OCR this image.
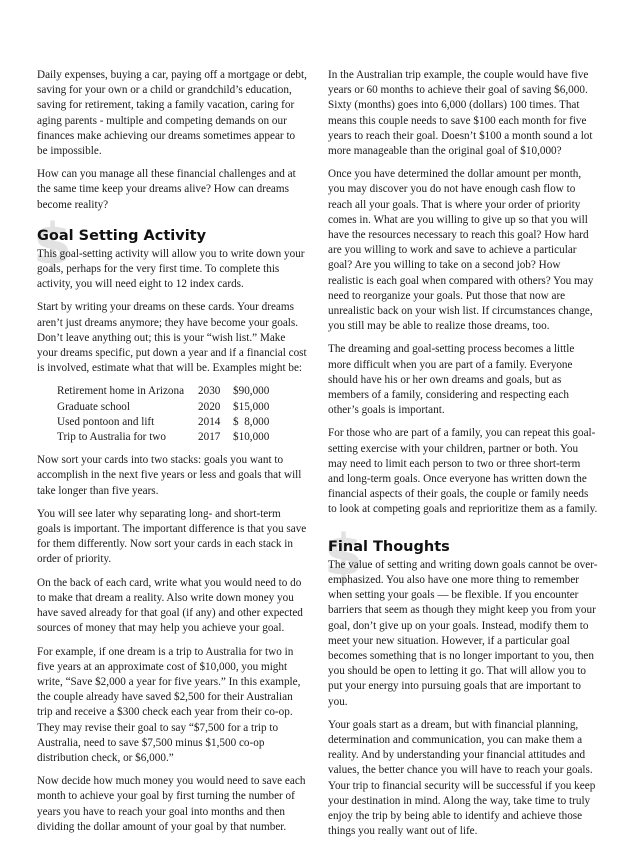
Daily expenses, buying a car, paying off a mortgage or debt, saving for your own or a child or grandchild’s education, saving for retirement, taking a family vacation, caring for aging parents - multiple and competing demands on our finances make achieving our dreams sometimes appear to be impossible.

How can you manage all these financial challenges and at the same time keep your dreams alive? How can dreams become reality?

$
Goal Setting Activity

This goal-setting activity will allow you to write down your goals, perhaps for the very first time. To complete this activity, you will need eight to 12 index cards.

Start by writing your dreams on these cards. Your dreams aren’t just dreams anymore; they have become your goals. Don’t leave anything out; this is your “wish list.” Make your dreams specific, put down a year and if a financial cost is involved, estimate what that will be. Examples might be:

Retirement home in Arizona	2030	$90,000
Graduate school	2020	$15,000
Used pontoon and lift	2014	$  8,000
Trip to Australia for two	2017	$10,000

Now sort your cards into two stacks: goals you want to accomplish in the next five years or less and goals that will take longer than five years.

You will see later why separating long- and short-term goals is important. The important difference is that you save for them differently. Now sort your cards in each stack in order of priority.

On the back of each card, write what you would need to do to make that dream a reality. Also write down money you have saved already for that goal (if any) and other expected sources of money that may help you achieve your goal.

For example, if one dream is a trip to Australia for two in five years at an approximate cost of $10,000, you might write, “Save $2,000 a year for five years.” In this example, the couple already have saved $2,500 for their Australian trip and receive a $300 check each year from their co-op. They may revise their goal to say “$7,500 for a trip to Australia, need to save $7,500 minus $1,500 co-op distribution check, or $6,000.”

Now decide how much money you would need to save each month to achieve your goal by first turning the number of years you have to reach your goal into months and then dividing the dollar amount of your goal by that number.

In the Australian trip example, the couple would have five years or 60 months to achieve their goal of saving $6,000. Sixty (months) goes into 6,000 (dollars) 100 times. That means this couple needs to save $100 each month for five years to reach their goal. Doesn’t $100 a month sound a lot more manageable than the original goal of $10,000?

Once you have determined the dollar amount per month, you may discover you do not have enough cash flow to reach all your goals. That is where your order of priority comes in. What are you willing to give up so that you will have the resources necessary to reach this goal? How hard are you willing to work and save to achieve a particular goal? Are you willing to take on a second job? How realistic is each goal when compared with others? You may need to reorganize your goals. Put those that now are unrealistic back on your wish list. If circumstances change, you still may be able to realize those dreams, too.

The dreaming and goal-setting process becomes a little more difficult when you are part of a family. Everyone should have his or her own dreams and goals, but as members of a family, considering and respecting each other’s goals is important.

For those who are part of a family, you can repeat this goal-setting exercise with your children, partner or both. You may need to limit each person to two or three short-term and long-term goals. Once everyone has written down the financial aspects of their goals, the couple or family needs to look at competing goals and reprioritize them as a family.

$
Final Thoughts

The value of setting and writing down goals cannot be over-emphasized. You also have one more thing to remember when setting your goals — be flexible. If you encounter barriers that seem as though they might keep you from your goal, don’t give up on your goals. Instead, modify them to meet your new situation. However, if a particular goal becomes something that is no longer important to you, then you should be open to letting it go. That will allow you to put your energy into pursuing goals that are important to you.

Your goals start as a dream, but with financial planning, determination and communication, you can make them a reality. And by understanding your financial attitudes and values, the better chance you will have to reach your goals. Your trip to financial security will be successful if you keep your destination in mind. Along the way, take time to truly enjoy the trip by being able to identify and achieve those things you really want out of life.
